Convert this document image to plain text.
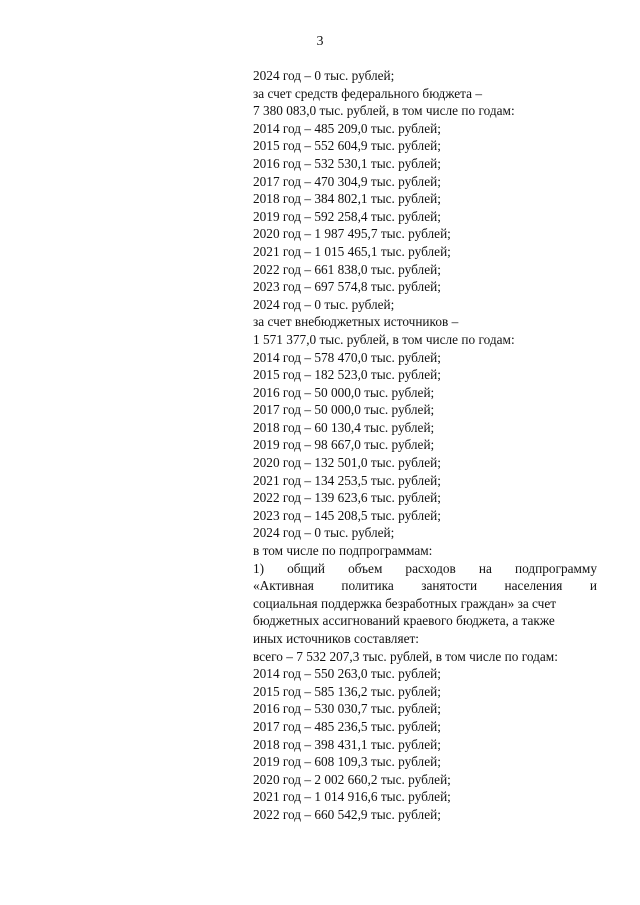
3
2024 год – 0 тыс. рублей;
за счет средств федерального бюджета –
7 380 083,0 тыс. рублей, в том числе по годам:
2014 год – 485 209,0 тыс. рублей;
2015 год – 552 604,9 тыс. рублей;
2016 год – 532 530,1 тыс. рублей;
2017 год – 470 304,9 тыс. рублей;
2018 год – 384 802,1 тыс. рублей;
2019 год – 592 258,4 тыс. рублей;
2020 год – 1 987 495,7 тыс. рублей;
2021 год – 1 015 465,1 тыс. рублей;
2022 год – 661 838,0 тыс. рублей;
2023 год – 697 574,8 тыс. рублей;
2024 год – 0 тыс. рублей;
за счет внебюджетных источников –
1 571 377,0 тыс. рублей, в том числе по годам:
2014 год – 578 470,0 тыс. рублей;
2015 год – 182 523,0 тыс. рублей;
2016 год – 50 000,0 тыс. рублей;
2017 год – 50 000,0 тыс. рублей;
2018 год – 60 130,4 тыс. рублей;
2019 год – 98 667,0 тыс. рублей;
2020 год – 132 501,0 тыс. рублей;
2021 год – 134 253,5 тыс. рублей;
2022 год – 139 623,6 тыс. рублей;
2023 год – 145 208,5 тыс. рублей;
2024 год – 0 тыс. рублей;
в том числе по подпрограммам:
1) общий объем расходов на подпрограмму
«Активная политика занятости населения и
социальная поддержка безработных граждан» за счет
бюджетных ассигнований краевого бюджета, а также
иных источников составляет:
всего – 7 532 207,3 тыс. рублей, в том числе по годам:
2014 год – 550 263,0 тыс. рублей;
2015 год – 585 136,2 тыс. рублей;
2016 год – 530 030,7 тыс. рублей;
2017 год – 485 236,5 тыс. рублей;
2018 год – 398 431,1 тыс. рублей;
2019 год – 608 109,3 тыс. рублей;
2020 год – 2 002 660,2 тыс. рублей;
2021 год – 1 014 916,6 тыс. рублей;
2022 год – 660 542,9 тыс. рублей;
